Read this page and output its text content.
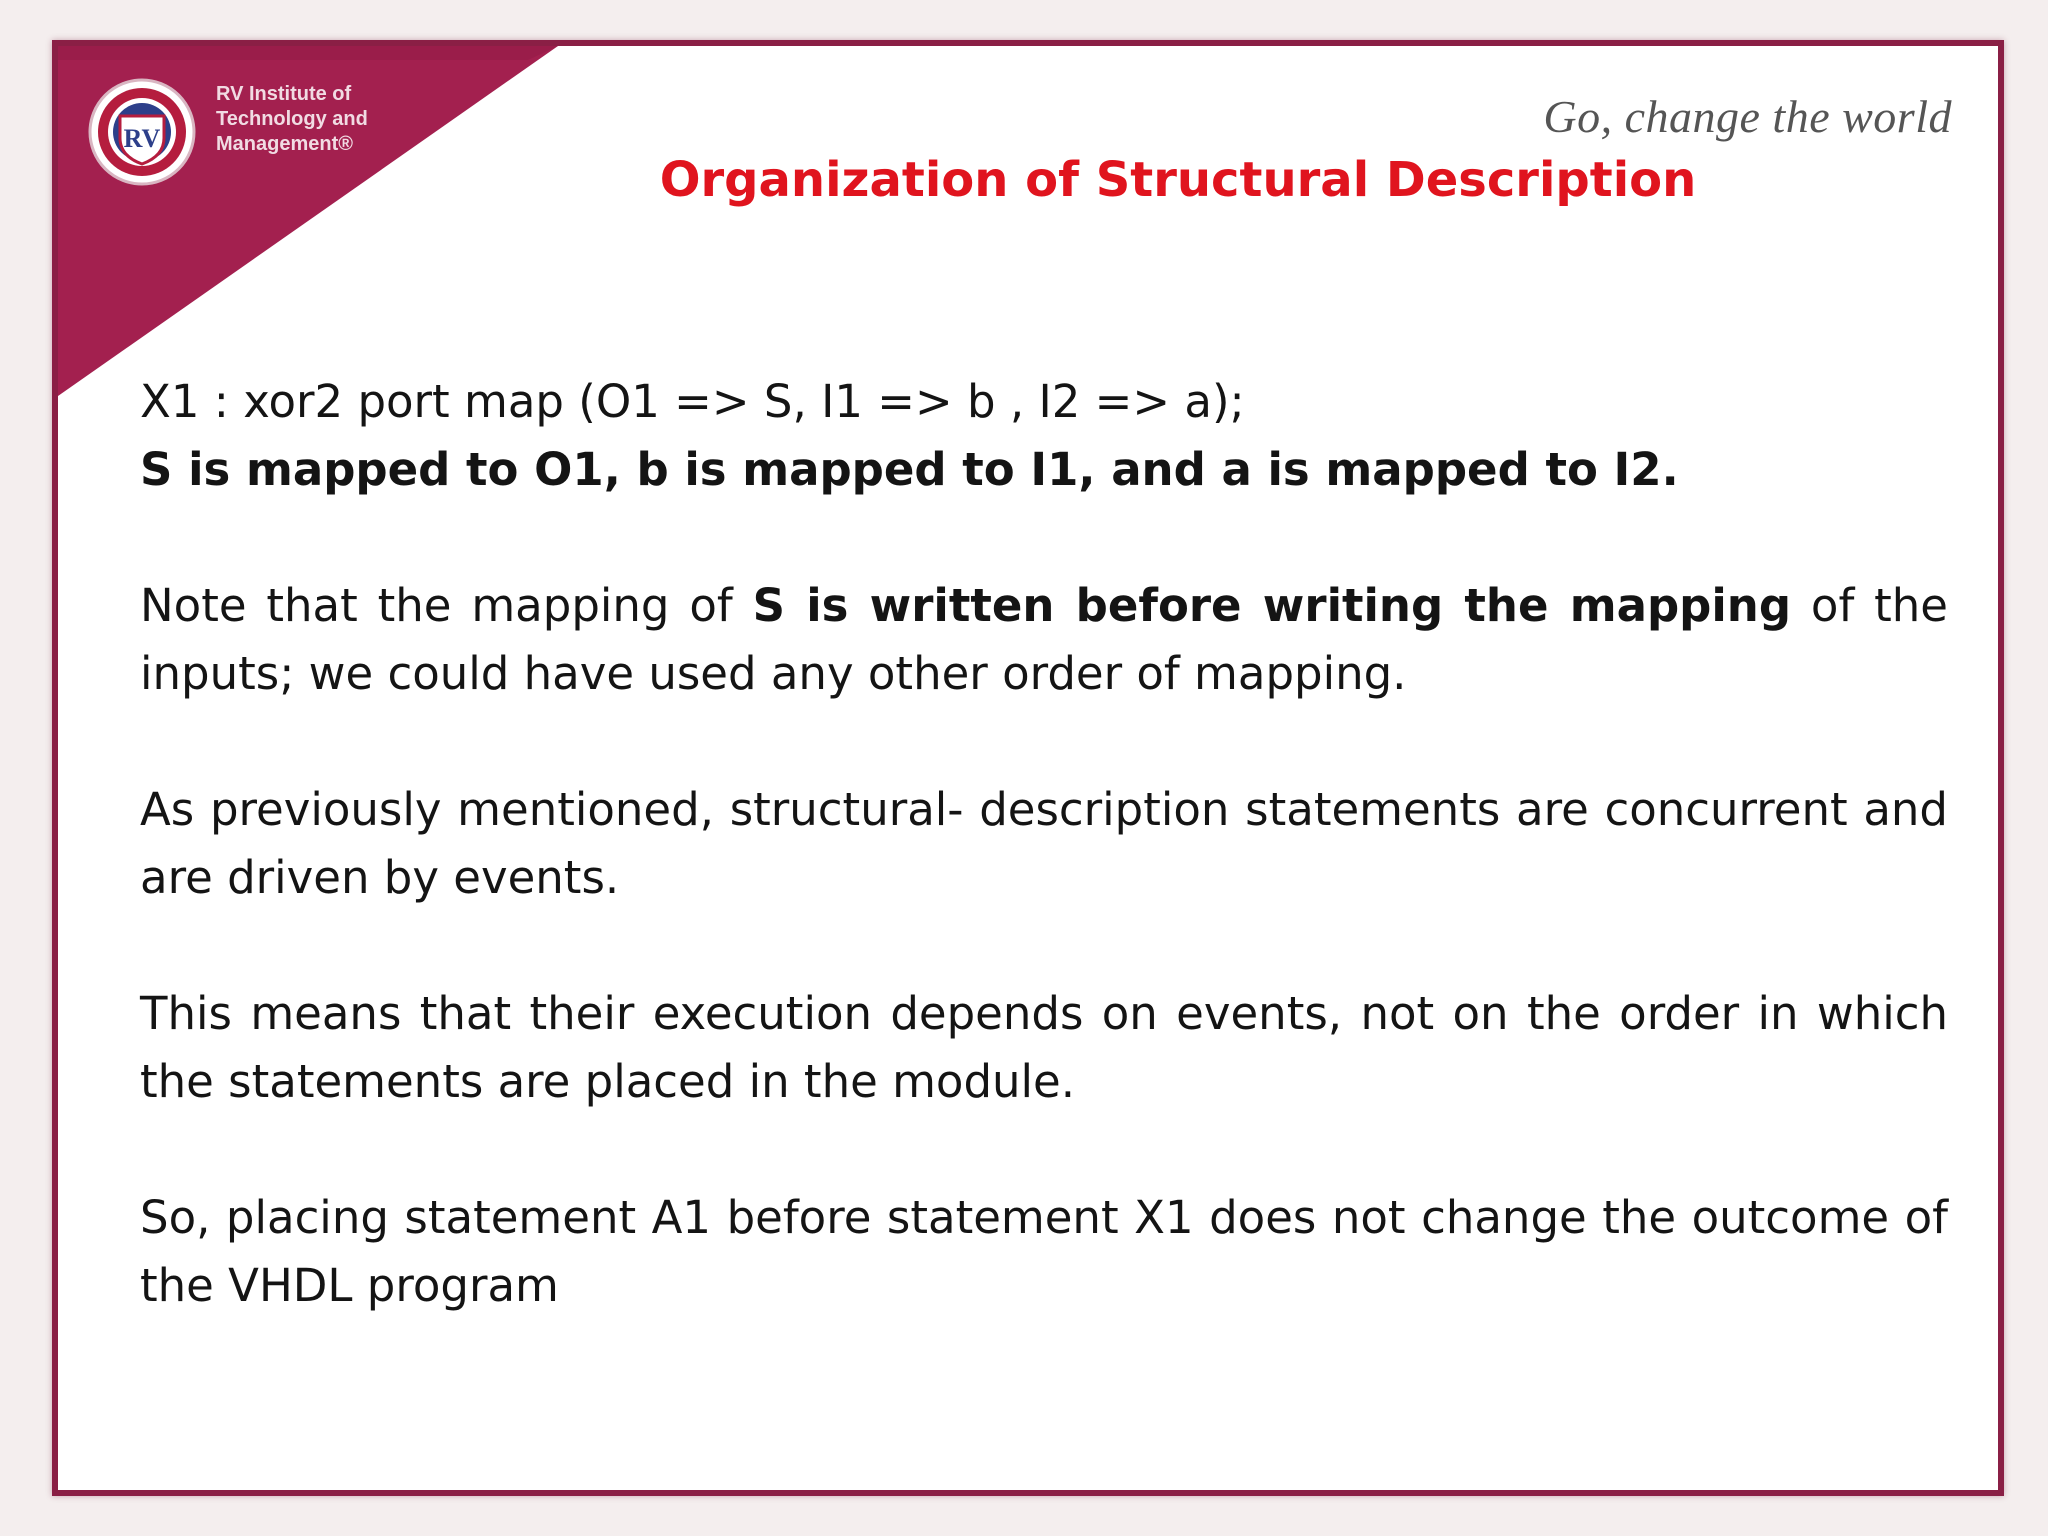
RV
RV Institute of
Technology and
Management®
Go, change the world
Organization of Structural Description

X1 : xor2 port map (O1 => S, I1 => b , I2 => a);

S is mapped to O1, b is mapped to I1, and a is mapped to I2.

Note that the mapping of S is written before writing the mapping of the inputs; we could have used any other order of mapping.

As previously mentioned, structural- description statements are concurrent and are driven by events.

This means that their execution depends on events, not on the order in which the statements are placed in the module.

So, placing statement A1 before statement X1 does not change the outcome of the VHDL program
